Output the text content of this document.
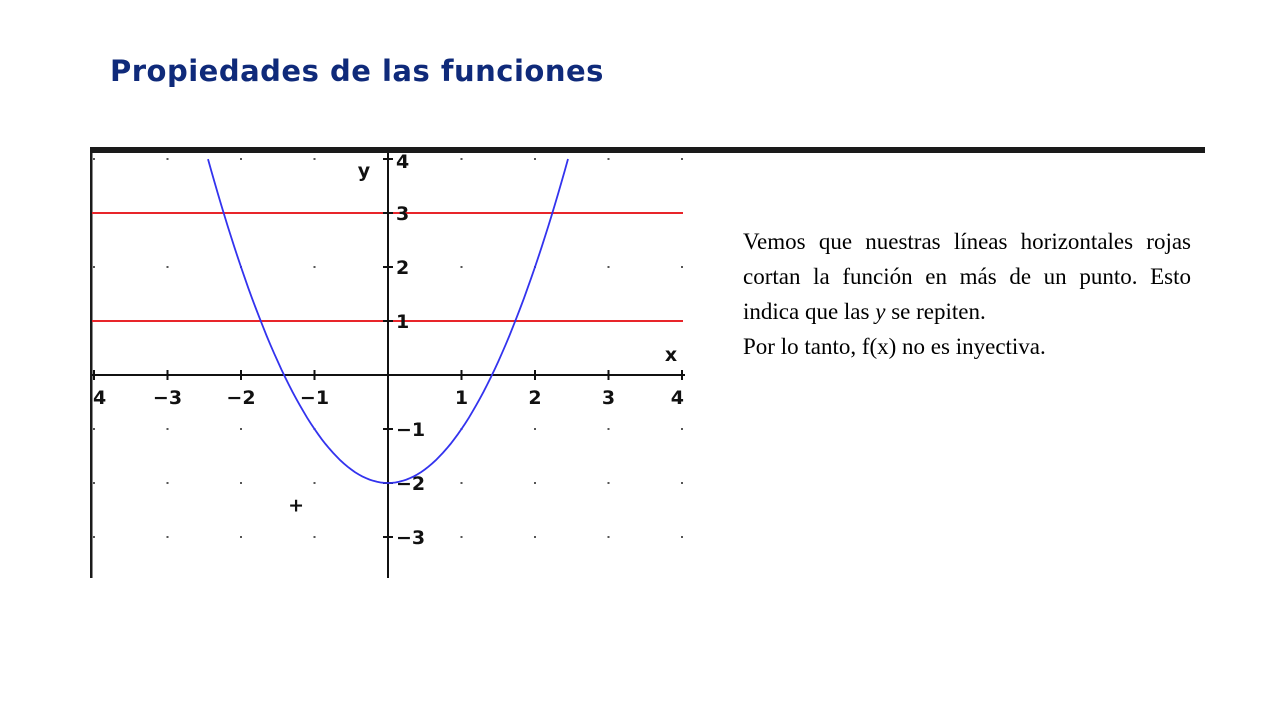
Propiedades de las funciones
4 −3 −2 −1	1	2	3	4
4
3
2
1
−1
−2
−3
+
x
y

Vemos que nuestras líneas horizontales rojas cortan la función en más de un punto. Esto indica que las y se repiten.

Por lo tanto, f(x) no es inyectiva.
